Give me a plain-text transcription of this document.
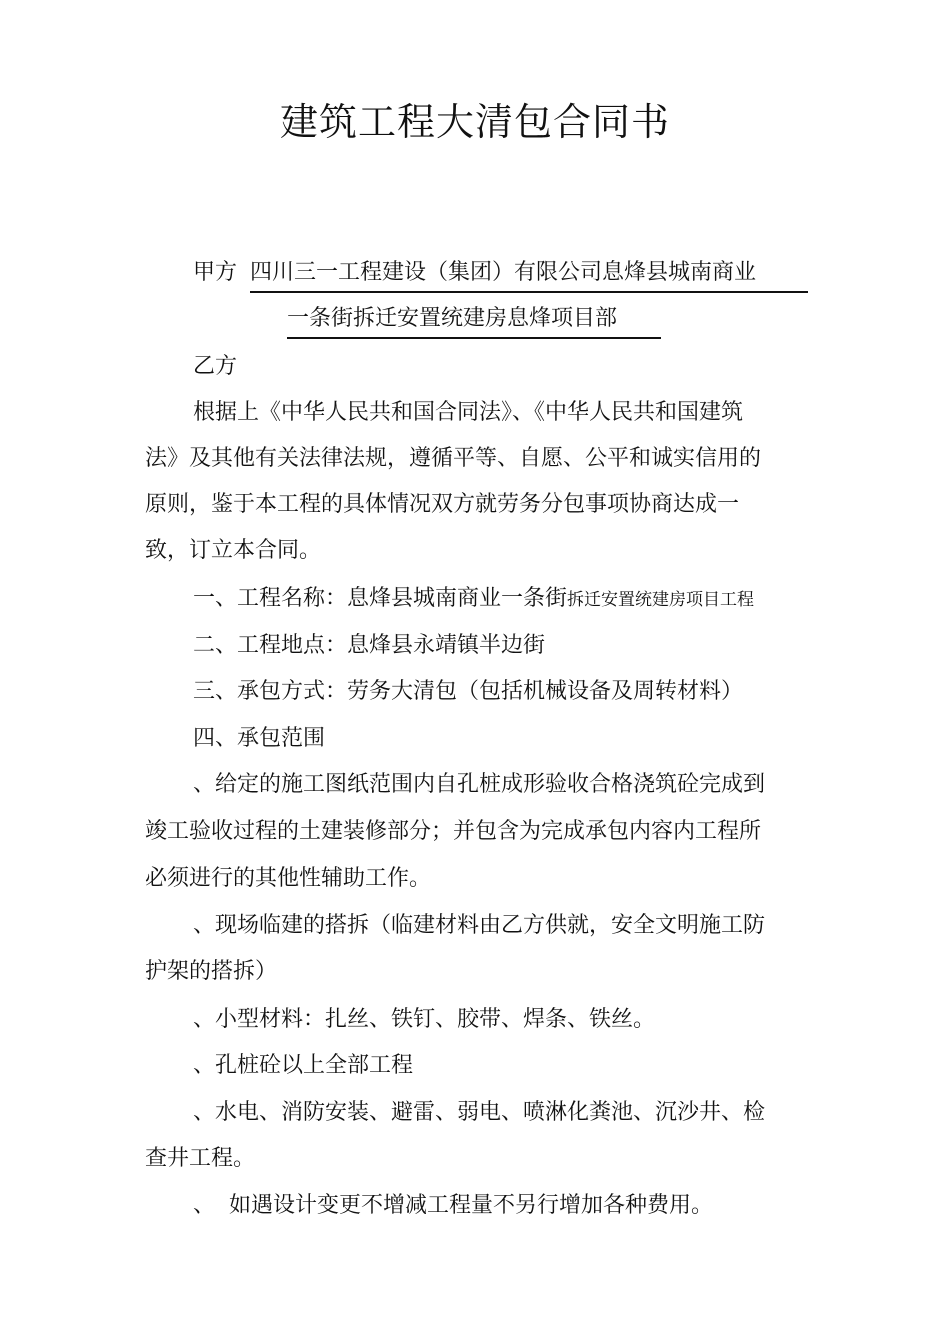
建筑工程大清包合同书
甲方 四川三一工程建设（集团）有限公司息烽县城南商业
一条街拆迁安置统建房息烽项目部

乙方

根据上《中华人民共和国合同法》、《中华人民共和国建筑

法》及其他有关法律法规，遵循平等、自愿、公平和诚实信用的

原则，鉴于本工程的具体情况双方就劳务分包事项协商达成一

致，订立本合同。

一、工程名称：息烽县城南商业一条街拆迁安置统建房项目工程

二、工程地点：息烽县永靖镇半边街

三、承包方式：劳务大清包（包括机械设备及周转材料）

四、承包范围

、给定的施工图纸范围内自孔桩成形验收合格浇筑砼完成到

竣工验收过程的土建装修部分；并包含为完成承包内容内工程所

必须进行的其他性辅助工作。

、现场临建的搭拆（临建材料由乙方供就，安全文明施工防

护架的搭拆）

、小型材料：扎丝、铁钉、胶带、焊条、铁丝。

、孔桩砼以上全部工程

、水电、消防安装、避雷、弱电、喷淋化粪池、沉沙井、检

查井工程。

、  如遇设计变更不增减工程量不另行增加各种费用。
